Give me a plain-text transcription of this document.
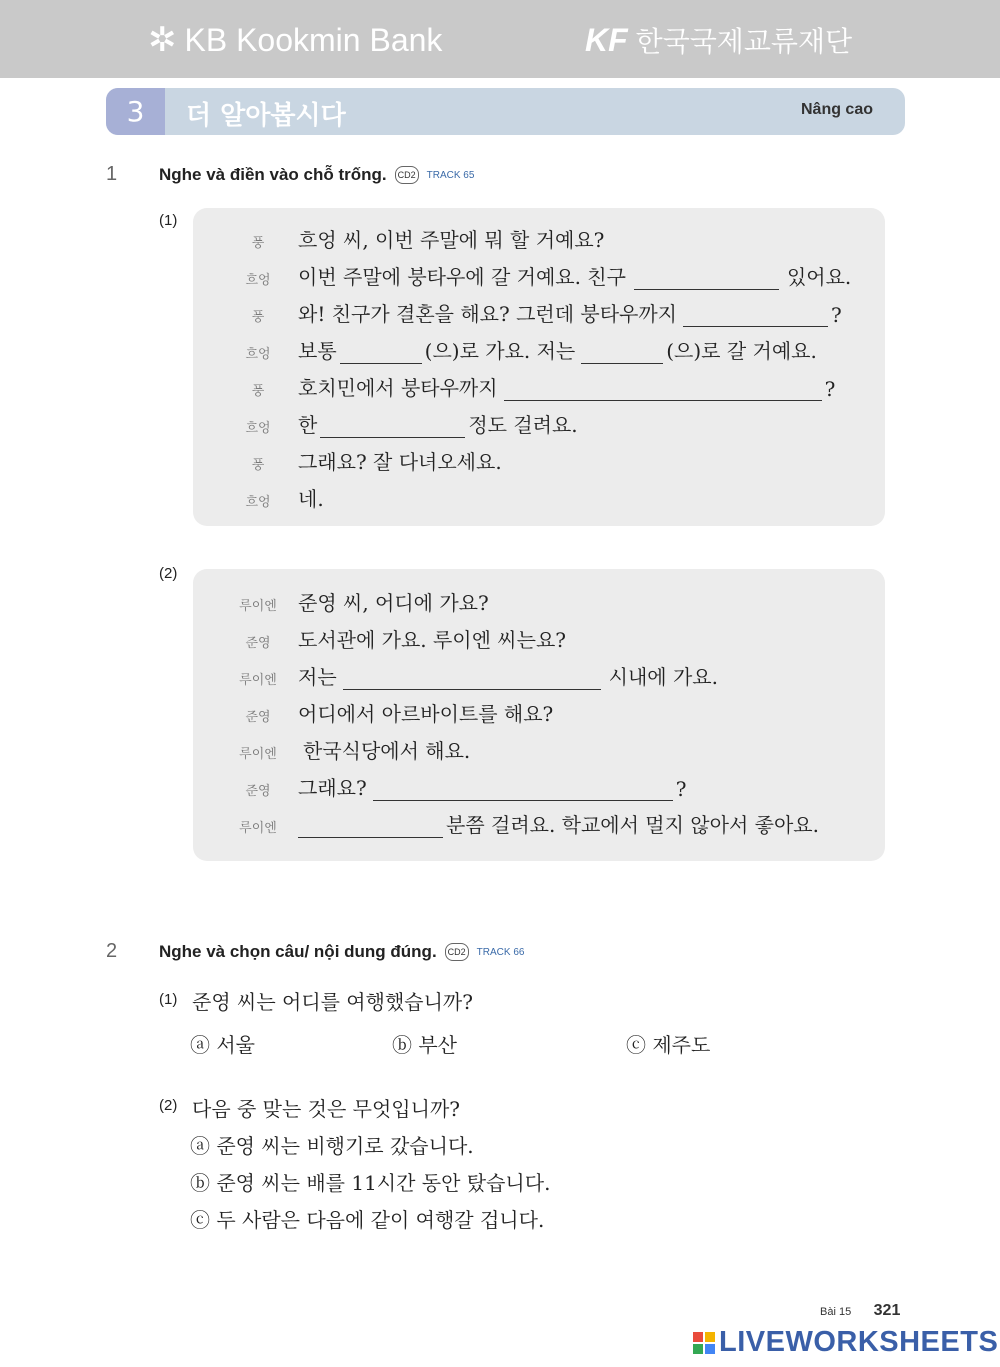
✲ KB Kookmin Bank	KF 한국국제교류재단
3	더 알아봅시다	Nâng cao
1 Nghe và điền vào chỗ trống.	CD2	TRACK 65
(1)
풍	흐엉 씨, 이번 주말에 뭐 할 거예요?
흐엉	이번 주말에 붕타우에 갈 거예요. 친구	있어요.
풍	와! 친구가 결혼을 해요? 그런데 붕타우까지	?
흐엉	보통	(으)로 가요. 저는	(으)로 갈 거예요.
풍	호치민에서 붕타우까지	?
흐엉	한	정도 걸려요.
풍	그래요? 잘 다녀오세요.
흐엉	네.
(2)
루이엔	준영 씨, 어디에 가요?
준영	도서관에 가요. 루이엔 씨는요?
루이엔	저는	시내에 가요.
준영	어디에서 아르바이트를 해요?
루이엔	한국식당에서 해요.
준영	그래요?	?
루이엔	분쯤 걸려요. 학교에서 멀지 않아서 좋아요.
2 Nghe và chọn câu/ nội dung đúng.	CD2	TRACK 66
(1) 준영 씨는 어디를 여행했습니까?
ⓐ 서울	ⓑ 부산	ⓒ 제주도
(2) 다음 중 맞는 것은 무엇입니까?
ⓐ 준영 씨는 비행기로 갔습니다.
ⓑ 준영 씨는 배를 11시간 동안 탔습니다.
ⓒ 두 사람은 다음에 같이 여행갈 겁니다.
Bài 15 321
LIVEWORKSHEETS
